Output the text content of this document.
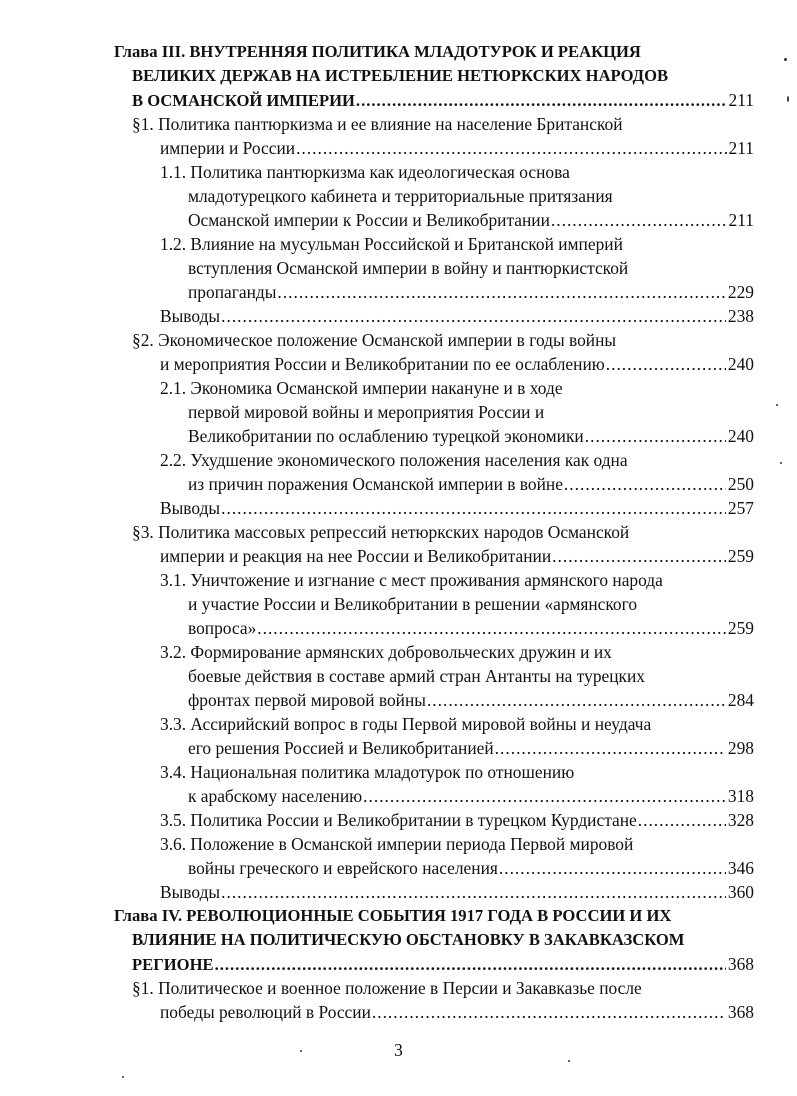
Глава III. ВНУТРЕННЯЯ ПОЛИТИКА МЛАДОТУРОК И РЕАКЦИЯ
ВЕЛИКИХ ДЕРЖАВ НА ИСТРЕБЛЕНИЕ НЕТЮРКСКИХ НАРОДОВ
В ОСМАНСКОЙ ИМПЕРИИ .....	211
§1. Политика пантюркизма и ее влияние на население Британской
империи и России .....	211
1.1. Политика пантюркизма как идеологическая основа
младотурецкого кабинета и территориальные притязания
Османской империи к России и Великобритании .....	211
1.2. Влияние на мусульман Российской и Британской империй
вступления Османской империи в войну и пантюркистской
пропаганды .....	229
Выводы .....	238
§2. Экономическое положение Османской империи в годы войны
и мероприятия России и Великобритании по ее ослаблению .....	240
2.1. Экономика Османской империи накануне и в ходе
первой мировой войны и мероприятия России и
Великобритании по ослаблению турецкой экономики .....	240
2.2. Ухудшение экономического положения населения как одна
из причин поражения Османской империи в войне .....	250
Выводы .....	257
§3. Политика массовых репрессий нетюркских народов Османской
империи и реакция на нее России и Великобритании .....	259
3.1. Уничтожение и изгнание с мест проживания армянского народа
и участие России и Великобритании в решении «армянского
вопроса» .....	259
3.2. Формирование армянских добровольческих дружин и их
боевые действия в составе армий стран Антанты на турецких
фронтах первой мировой войны .....	284
3.3. Ассирийский вопрос в годы Первой мировой войны и неудача
его решения Россией и Великобританией .....	298
3.4. Национальная политика младотурок по отношению
к арабскому населению .....	318
3.5. Политика России и Великобритании в турецком Курдистане .....	328
3.6. Положение в Османской империи периода Первой мировой
войны греческого и еврейского населения .....	346
Выводы .....	360
Глава IV. РЕВОЛЮЦИОННЫЕ СОБЫТИЯ 1917 ГОДА В РОССИИ И ИХ
ВЛИЯНИЕ НА ПОЛИТИЧЕСКУЮ ОБСТАНОВКУ В ЗАКАВКАЗСКОМ
РЕГИОНЕ .....	368
§1. Политическое и военное положение в Персии и Закавказье после
победы революций в России .....	368
3
